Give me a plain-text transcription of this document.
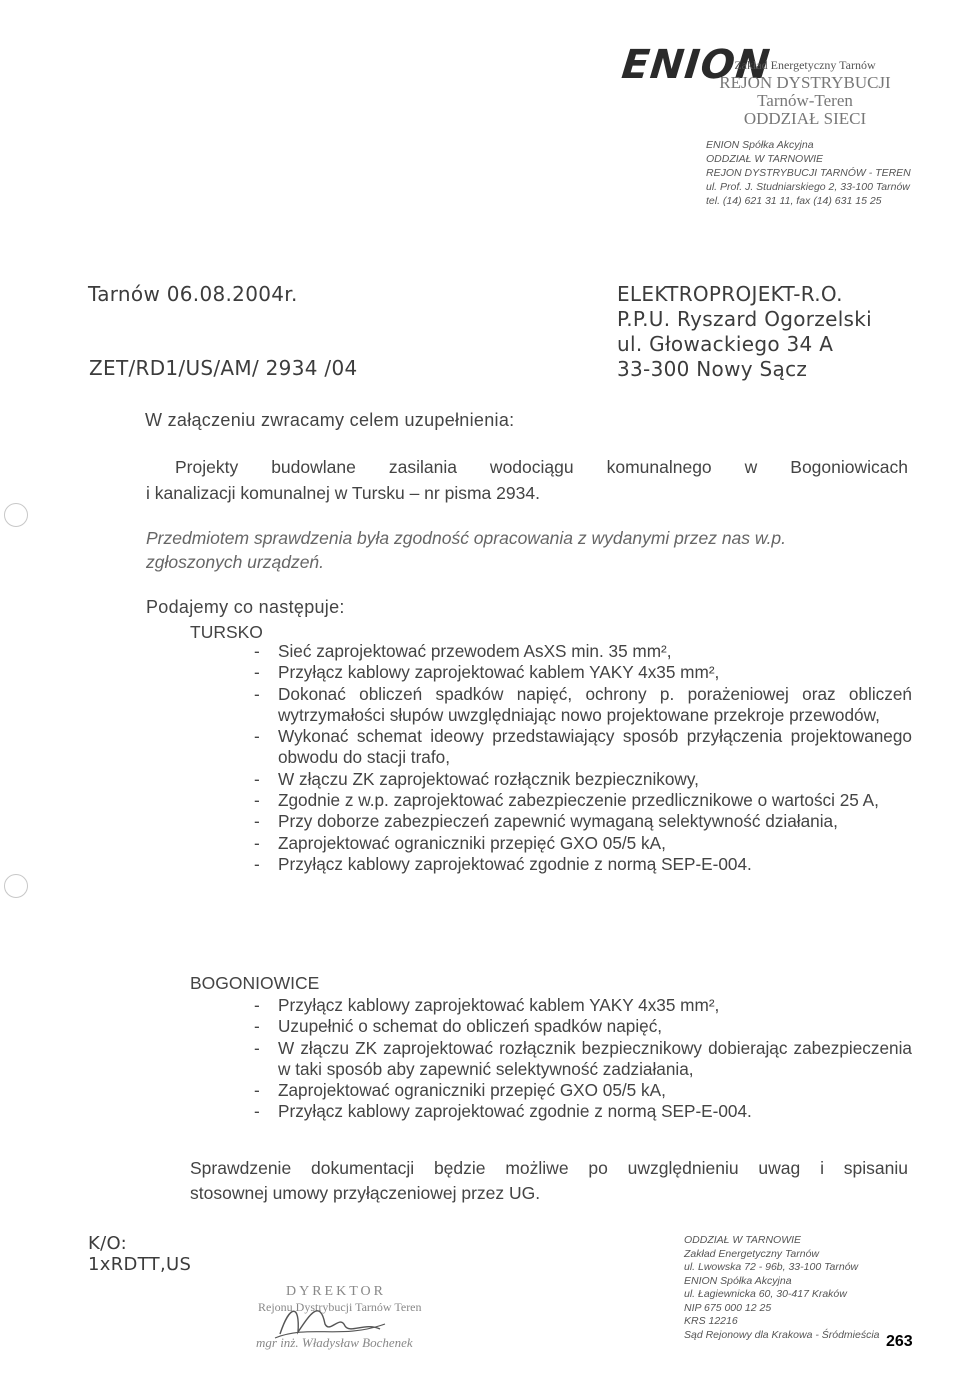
ENION
Zakład Energetyczny Tarnów
REJON DYSTRYBUCJI
Tarnów-Teren
ODDZIAŁ SIECI
ENION Spółka Akcyjna
ODDZIAŁ W TARNOWIE
REJON DYSTRYBUCJI TARNÓW - TEREN
ul. Prof. J. Studniarskiego 2, 33-100 Tarnów
tel. (14) 621 31 11, fax (14) 631 15 25
Tarnów 06.08.2004r.
ZET/RD1/US/AM/ 2934 /04
ELEKTROPROJEKT-R.O.
P.P.U. Ryszard Ogorzelski
ul. Głowackiego 34 A
33-300 Nowy Sącz
W załączeniu zwracamy celem uzupełnienia:
Projekty budowlane zasilania wodociągu komunalnego w Bogoniowicach
i kanalizacji komunalnej w Tursku – nr pisma 2934.
Przedmiotem sprawdzenia była zgodność opracowania z wydanymi przez nas w.p.
zgłoszonych urządzeń.
Podajemy co następuje:
TURSKO
- Sieć zaprojektować przewodem AsXS min. 35 mm²,
- Przyłącz kablowy zaprojektować kablem YAKY 4x35 mm²,
- Dokonać obliczeń spadków napięć, ochrony p. porażeniowej oraz obliczeń wytrzymałości słupów uwzględniając nowo projektowane przekroje przewodów,
- Wykonać schemat ideowy przedstawiający sposób przyłączenia projektowanego obwodu do stacji trafo,
- W złączu ZK zaprojektować rozłącznik bezpiecznikowy,
- Zgodnie z w.p. zaprojektować zabezpieczenie przedlicznikowe o wartości 25 A,
- Przy doborze zabezpieczeń zapewnić wymaganą selektywność działania,
- Zaprojektować ograniczniki przepięć GXO 05/5 kA,
- Przyłącz kablowy zaprojektować zgodnie z normą SEP-E-004.
BOGONIOWICE
- Przyłącz kablowy zaprojektować kablem YAKY 4x35 mm²,
- Uzupełnić o schemat do obliczeń spadków napięć,
- W złączu ZK zaprojektować rozłącznik bezpiecznikowy dobierając zabezpieczenia w taki sposób aby zapewnić selektywność zadziałania,
- Zaprojektować ograniczniki przepięć GXO 05/5 kA,
- Przyłącz kablowy zaprojektować zgodnie z normą SEP-E-004.
Sprawdzenie dokumentacji będzie możliwe po uwzględnieniu uwag i spisaniu
stosownej umowy przyłączeniowej przez UG.
K/O:
1xRDTT,US
DYREKTOR
Rejonu Dystrybucji Tarnów Teren
mgr inż. Władysław Bochenek
ODDZIAŁ W TARNOWIE
Zakład Energetyczny Tarnów
ul. Lwowska 72 - 96b, 33-100 Tarnów
ENION Spółka Akcyjna
ul. Łagiewnicka 60, 30-417 Kraków
NIP 675 000 12 25
KRS 12216
Sąd Rejonowy dla Krakowa - Śródmieścia 263
